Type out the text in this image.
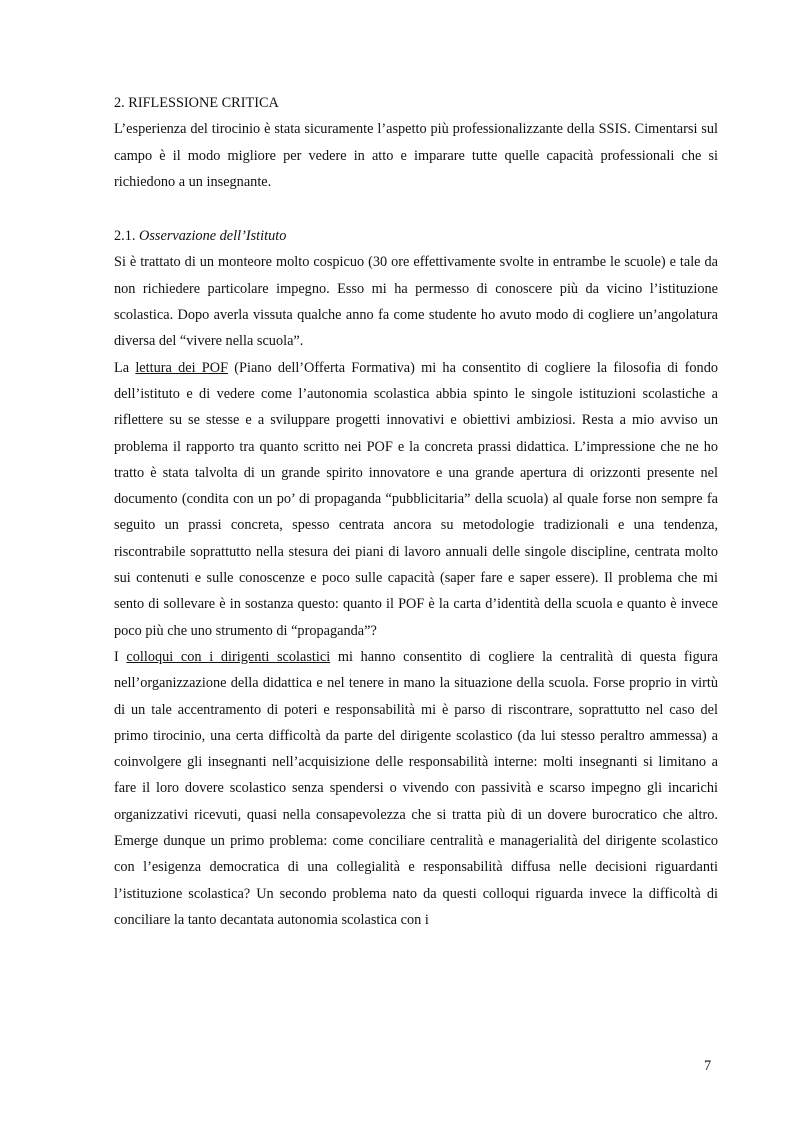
2. RIFLESSIONE CRITICA

L’esperienza del tirocinio è stata sicuramente l’aspetto più professionalizzante della SSIS. Cimentarsi sul campo è il modo migliore per vedere in atto e imparare tutte quelle capacità professionali che si richiedono a un insegnante.

2.1. Osservazione dell’Istituto

Si è trattato di un monteore molto cospicuo (30 ore effettivamente svolte in entrambe le scuole) e tale da non richiedere particolare impegno. Esso mi ha permesso di conoscere più da vicino l’istituzione scolastica. Dopo averla vissuta qualche anno fa come studente ho avuto modo di cogliere un’angolatura diversa del “vivere nella scuola”.

La lettura dei POF (Piano dell’Offerta Formativa) mi ha consentito di cogliere la filosofia di fondo dell’istituto e di vedere come l’autonomia scolastica abbia spinto le singole istituzioni scolastiche a riflettere su se stesse e a sviluppare progetti innovativi e obiettivi ambiziosi. Resta a mio avviso un problema il rapporto tra quanto scritto nei POF e la concreta prassi didattica. L’impressione che ne ho tratto è stata talvolta di un grande spirito innovatore e una grande apertura di orizzonti presente nel documento (condita con un po’ di propaganda “pubblicitaria” della scuola) al quale forse non sempre fa seguito un prassi concreta, spesso centrata ancora su metodologie tradizionali e una tendenza, riscontrabile soprattutto nella stesura dei piani di lavoro annuali delle singole discipline, centrata molto sui contenuti e sulle conoscenze e poco sulle capacità (saper fare e saper essere). Il problema che mi sento di sollevare è in sostanza questo: quanto il POF è la carta d’identità della scuola e quanto è invece poco più che uno strumento di “propaganda”?

I colloqui con i dirigenti scolastici mi hanno consentito di cogliere la centralità di questa figura nell’organizzazione della didattica e nel tenere in mano la situazione della scuola. Forse proprio in virtù di un tale accentramento di poteri e responsabilità mi è parso di riscontrare, soprattutto nel caso del primo tirocinio, una certa difficoltà da parte del dirigente scolastico (da lui stesso peraltro ammessa) a coinvolgere gli insegnanti nell’acquisizione delle responsabilità interne: molti insegnanti si limitano a fare il loro dovere scolastico senza spendersi o vivendo con passività e scarso impegno gli incarichi organizzativi ricevuti, quasi nella consapevolezza che si tratta più di un dovere burocratico che altro. Emerge dunque un primo problema: come conciliare centralità e managerialità del dirigente scolastico con l’esigenza democratica di una collegialità e responsabilità diffusa nelle decisioni riguardanti l’istituzione scolastica? Un secondo problema nato da questi colloqui riguarda invece la difficoltà di conciliare la tanto decantata autonomia scolastica con i

7
